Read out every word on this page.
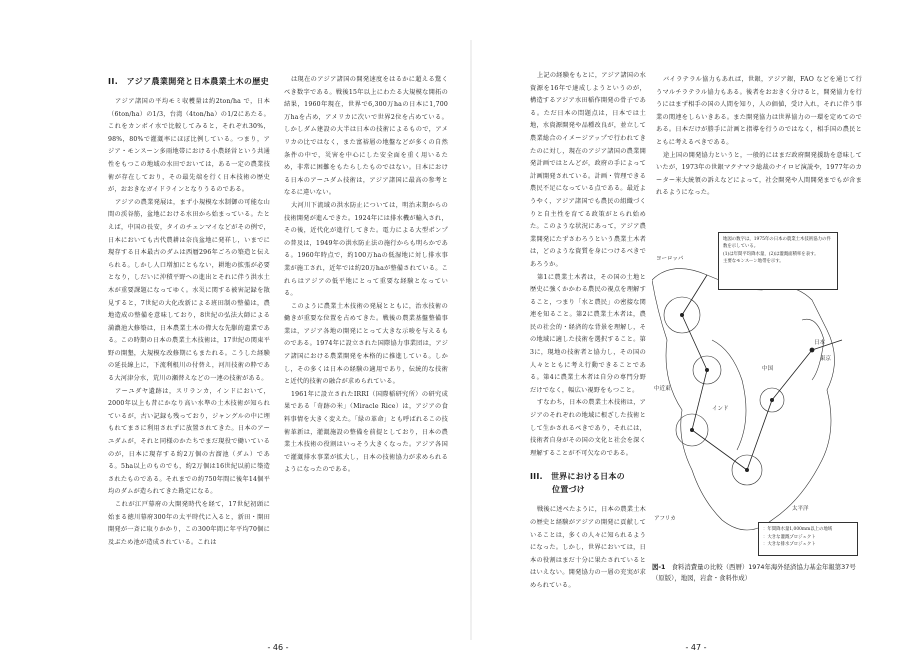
II.　アジア農業開発と日本農業土木の歴史

アジア諸国の平均モミ収穫量は約2ton/ha で，日本（6ton/ha）の1/3，台湾（4ton/ha）の1/2にあたる。これをカンボイ水で比較してみると，それぞれ30%，98%，80%で灌漑率にほぼ比例している。つまり，アジア・モンスーン多雨地帯における小農経営という共通性をもつこの地域の水田でおいては，ある一定の農業技術が存在しており，その最先端を行く日本技術の歴史が，おおきなガイドラインとなりうるのである。

アジアの農業発展は，まず小規模な水制御の可能な山間の渓谷筋，盆地における水田から始まっている。たとえば，中国の長安，タイのチェンマイなどがその例で，日本においても古代農耕は奈良盆地に発祥し，いまでに現存する日本最古のダムは西暦296年ごろの築造と伝えられる。しかし人口増加にともない，耕地の拡張が必要となり，しだいに沖積平野への進出とそれに伴う洪水土木が重要課題になってゆく。水災に関する被害記録を散見すると，7世紀の大化改新による班田制の整備は，農地造成の整備を意味しており，8世紀の弘法大師による満濃池大修築は，日本農業土木の偉大な先駆的遺業である。この時期の日本の農業土木技術は，17世紀の関東平野の開墾，大規模な改修期にもまたれる。こうした経験の延長線上に，下流利根川の付替え，河川技術の粋である大河津分水，荒川の瀬替えなどの一連の技術がある。

アーユダヤ遺跡は，スリランカ，インドにおいて，2000年以上も昔にかなり高い水準の土木技術が知られているが，古い記録も残っており，ジャングルの中に埋もれてまさに利用されずに放置されてきた。日本のアーユダムが，それと同様のかたちでまだ現役で働いているのが，日本に現存する約2万個の古溜池（ダム）である。5ha以上のものでも，約2万個は16世紀以前に築造されたものである。それまでの約750年間に後年14個平均のダムが造られてきた勘定になる。

これが江戸幕府の大開発時代を経て，17世紀初頭に始まる徳川幕府300年の太平時代に入ると，新田・開田開発が一斉に取りかかり，この300年間に年平均70個に及ぶため池が造成されている。これは

は現在のアジア諸国の開発速度をはるかに超える驚くべき数字である。戦後15年以上にわたる大規模な開拓の結果，1960年現在，世界で6,300万haの日本に1,700万haを占め，アメリカに次いで世界2位を占めている。しかしダム建設の大半は日本の技術によるもので，アメリカの比ではなく，また富裕層の地盤などが多くの自然条件の中で，災害を中心にした安全面を重く用いるため，非常に困難をもたらしたものではない。日本における日本のアーユダム技術は，アジア諸国に最高の参考となるに違いない。

大河川下流域の洪水防止については，明治末期からの技術開発が進んできた。1924年には排水機が輸入され，その後，近代化が進行してきた。電力による大型ポンプの普及は，1949年の洪水防止法の施行からも明らかである。1960年時点で，約100万haの低湿地に対し排水事業が施工され，近年では約20万haが整備されている。これらはアジアの低平地にとって重要な経験となっている。

このように農業土木技術の発展とともに，治水技術の働きが重要な位置を占めてきた。戦後の農業基盤整備事業は，アジア各地の開発にとって大きな示唆を与えるものである。1974年に設立された国際協力事業団は，アジア諸国における農業開発を本格的に推進している。しかし，その多くは日本の経験の適用であり，伝統的な技術と近代的技術の融合が求められている。

1961年に設立されたIRRI（国際稲研究所）の研究成果である「奇跡の米」（Miracle Rice）は，アジアの食料事情を大きく変えた。「緑の革命」とも呼ばれるこの技術革新は，灌漑施設の整備を前提としており，日本の農業土木技術の役割はいっそう大きくなった。アジア各国で灌漑排水事業が拡大し，日本の技術協力が求められるようになったのである。

- 46 -

上記の経験をもとに，アジア諸国の水資源を16年で達成しようというのが，構造するアジア水田稲作開発の骨子である。ただ日本の問題点は，日本では土地，水資源開発や品種改良が，並立して農業総合のイメージアップで行われてきたのに対し，現在のアジア諸国の農業開発計画ではとんどが，政府の手によって計画開発されている。計画・管理できる農民不足になっている点である。最近ようやく，アジア諸国でも農民の組織づくりと自主性を育てる政策がとられ始めた。このような状況にあって，アジア農業開発にたずさわろうという農業土木者は，どのような資質を身につけるべきであろうか。

第1に農業土木者は，その国の土地と歴史に強くかかわる農民の視点を理解すること，つまり「水と農民」の密接な関連を知ること。第2に農業土木者は，農民の社会的・経済的な背景を理解し，その地域に適した技術を選択すること。第3に，現地の技術者と協力し，その国の人々とともに考え行動できることである。第4に農業土木者は自分の専門分野だけでなく，幅広い視野をもつこと。

すなわち，日本の農業土木技術は，アジアのそれぞれの地域に根ざした技術として生かされるべきであり，それには，技術者自身がその国の文化と社会を深く理解することが不可欠なのである。

III.　世界における日本の
位置づけ

戦後に述べたように，日本の農業土木の歴史と経験がアジアの開発に貢献していることは，多くの人々に知られるようになった。しかし，世界においては，日本の役割はまだ十分に果たされているとはいえない。開発協力の一層の充実が求められている。

バイラテラル協力もあれば，世銀，アジア銀，FAO などを通じて行うマルチラテラル協力もある。後者をおおきく分けると，開発協力を行うにはまず相手の国の人間を知り，人の価値，受け入れ，それに伴う事業の関連をしらいきある。また開発協力は世界協力の一環を定めてのである。日本だけが勝手に計画と指導を行うのではなく，相手国の農民とともに考えるべきである。

途上国の開発協力というと，一般的にはまだ政府開発援助を意味していたが，1973年の世銀マクナマラ総裁のナイロビ演説や，1977年のカーター米大統領の訴えなどによって，社会開発や人間開発までもが含まれるようになった。

日本
中国
インド
東京
ヨーロッパ
中近東
アフリカ
太平洋
地図の数字は，1975年の日本の農業土木技術協力の件数を示している。
(1)は年間平均降水量，(2)は灌漑面積率を表す。
主要なモンスーン地帯を示す。
：年間降水量1,000mm以上の地域
：大きな灌漑プロジェクト
：大きな排水プロジェクト
図-1 食料消費量の比較（西暦）1974年海外経済協力基金年報第37号（原版），地図，岩倉・食料作成）
- 47 -
